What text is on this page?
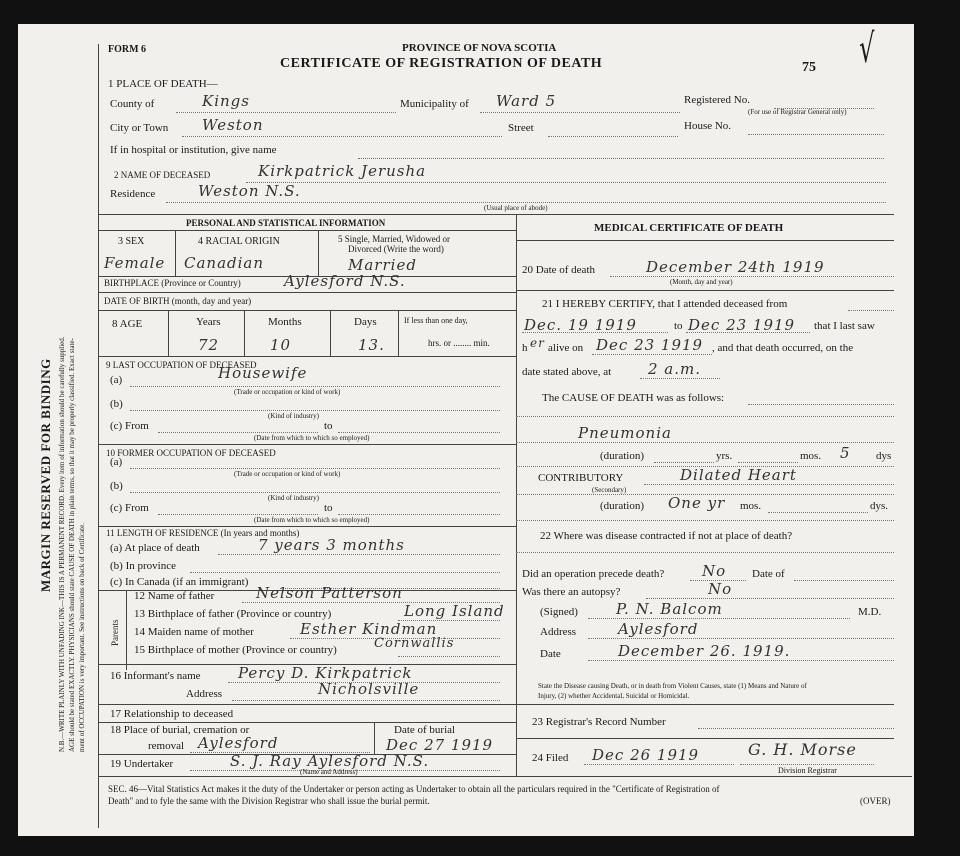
MARGIN RESERVED FOR BINDING N.B.—WRITE PLAINLY WITH UNFADING INK—THIS IS A PERMANENT RECORD. Every item of information should be carefully supplied. AGE should be stated EXACTLY. PHYSICIANS should state CAUSE OF DEATH in plain terms, so that it may be properly classified. Exact state- ment of OCCUPATION is very important. See instructions on back of Certificate.
FORM 6	PROVINCE OF NOVA SCOTIA
CERTIFICATE OF REGISTRATION OF DEATH	75 √
1 PLACE OF DEATH—
County of	Kings	Municipality of Ward 5	Registered No.
(For use of Registrar General only)
City or Town Weston	Street	House No.
If in hospital or institution, give name
2 NAME OF DECEASED	Kirkpatrick Jerusha
Residence	Weston N.S.
(Usual place of abode)
PERSONAL AND STATISTICAL INFORMATION
3 SEX	4 RACIAL ORIGIN	5 Single, Married, Widowed or
Divorced (Write the word)
Female Canadian	Married
BIRTHPLACE (Province or Country)	Aylesford N.S.
DATE OF BIRTH (month, day and year)
8 AGE	Years	Months	Days	If less than one day,
hrs. or ........ min.
72	10	13.
9 LAST OCCUPATION OF DECEASED
(a)	Housewife
(Trade or occupation or kind of work)
(b)
(Kind of industry)
(c) From	to
(Date from which to which so employed)
10 FORMER OCCUPATION OF DECEASED
(a)
(Trade or occupation or kind of work)
(b)
(Kind of industry)
(c) From	to
(Date from which to which so employed)
11 LENGTH OF RESIDENCE (In years and months)
(a) At place of death	7 years 3 months
(b) In province
(c) In Canada (if an immigrant)
Parents
12 Name of father	Nelson Patterson
13 Birthplace of father (Province or country)	Long Island
14 Maiden name of mother	Esther Kindman
15 Birthplace of mother (Province or country)	Cornwallis
16 Informant's name Percy D. Kirkpatrick
Address	Nicholsville
17 Relationship to deceased
18 Place of burial, cremation or
removal Aylesford
Date of burial
Dec 27 1919
19 Undertaker	S. J. Ray Aylesford N.S.
(Name and Address)
MEDICAL CERTIFICATE OF DEATH
20 Date of death	December 24th 1919
(Month, day and year)
21 I HEREBY CERTIFY, that I attended deceased from
Dec. 19 1919	to Dec 23 1919 that I last saw
h er alive on Dec 23 1919 , and that death occurred, on the
date stated above, at 2 a.m.
The CAUSE OF DEATH was as follows:
Pneumonia
(duration)	yrs.	mos. 5 dys
CONTRIBUTORY
(Secondary)
Dilated Heart
(duration) One yr mos.	dys.
22 Where was disease contracted if not at place of death?
Did an operation precede death?	No Date of
Was there an autopsy?	No
(Signed)	P. N. Balcom	M.D.
Address	Aylesford
Date	December 26. 1919.
State the Disease causing Death, or in death from Violent Causes, state (1) Means and Nature of
Injury, (2) whether Accidental, Suicidal or Homicidal.
23 Registrar's Record Number
24 Filed Dec 26 1919	G. H. Morse
Division Registrar
SEC. 46—Vital Statistics Act makes it the duty of the Undertaker or person acting as Undertaker to obtain all the particulars required in the "Certificate of Registration of
Death" and to fyle the same with the Division Registrar who shall issue the burial permit.	(OVER)
